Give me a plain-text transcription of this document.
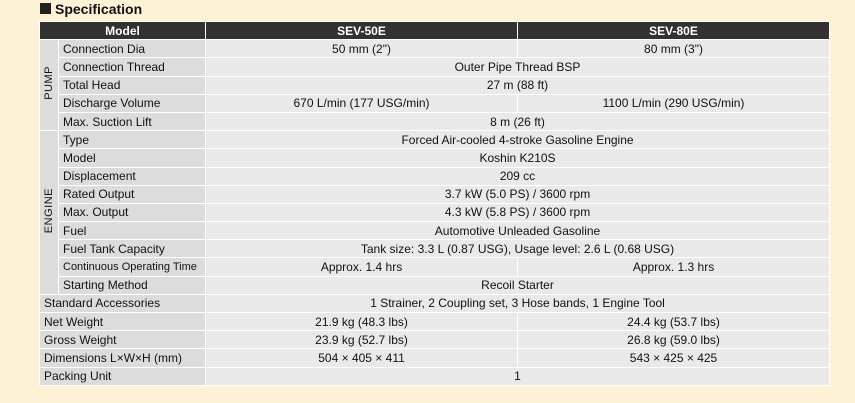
Specification
Model		SEV-50E	SEV-80E
PUMP	Connection Dia	50 mm (2")	80 mm (3")
	Connection Thread	Outer Pipe Thread BSP	
	Total Head	27 m (88 ft)	
	Discharge Volume	670 L/min (177 USG/min)	1100 L/min (290 USG/min)
	Max. Suction Lift	8 m (26 ft)	
ENGINE	Type	Forced Air-cooled 4-stroke Gasoline Engine	
	Model	Koshin K210S	
	Displacement	209 cc	
	Rated Output	3.7 kW (5.0 PS) / 3600 rpm	
	Max. Output	4.3 kW (5.8 PS) / 3600 rpm	
	Fuel	Automotive Unleaded Gasoline	
	Fuel Tank Capacity	Tank size: 3.3 L (0.87 USG), Usage level: 2.6 L (0.68 USG)	
	Continuous Operating Time	Approx. 1.4 hrs	Approx. 1.3 hrs
	Starting Method	Recoil Starter	
Standard Accessories		1 Strainer, 2 Coupling set, 3 Hose bands, 1 Engine Tool	
Net Weight		21.9 kg (48.3 lbs)	24.4 kg (53.7 lbs)
Gross Weight		23.9 kg (52.7 lbs)	26.8 kg (59.0 lbs)
Dimensions L×W×H (mm)		504 × 405 × 411	543 × 425 × 425
Packing Unit		1	
